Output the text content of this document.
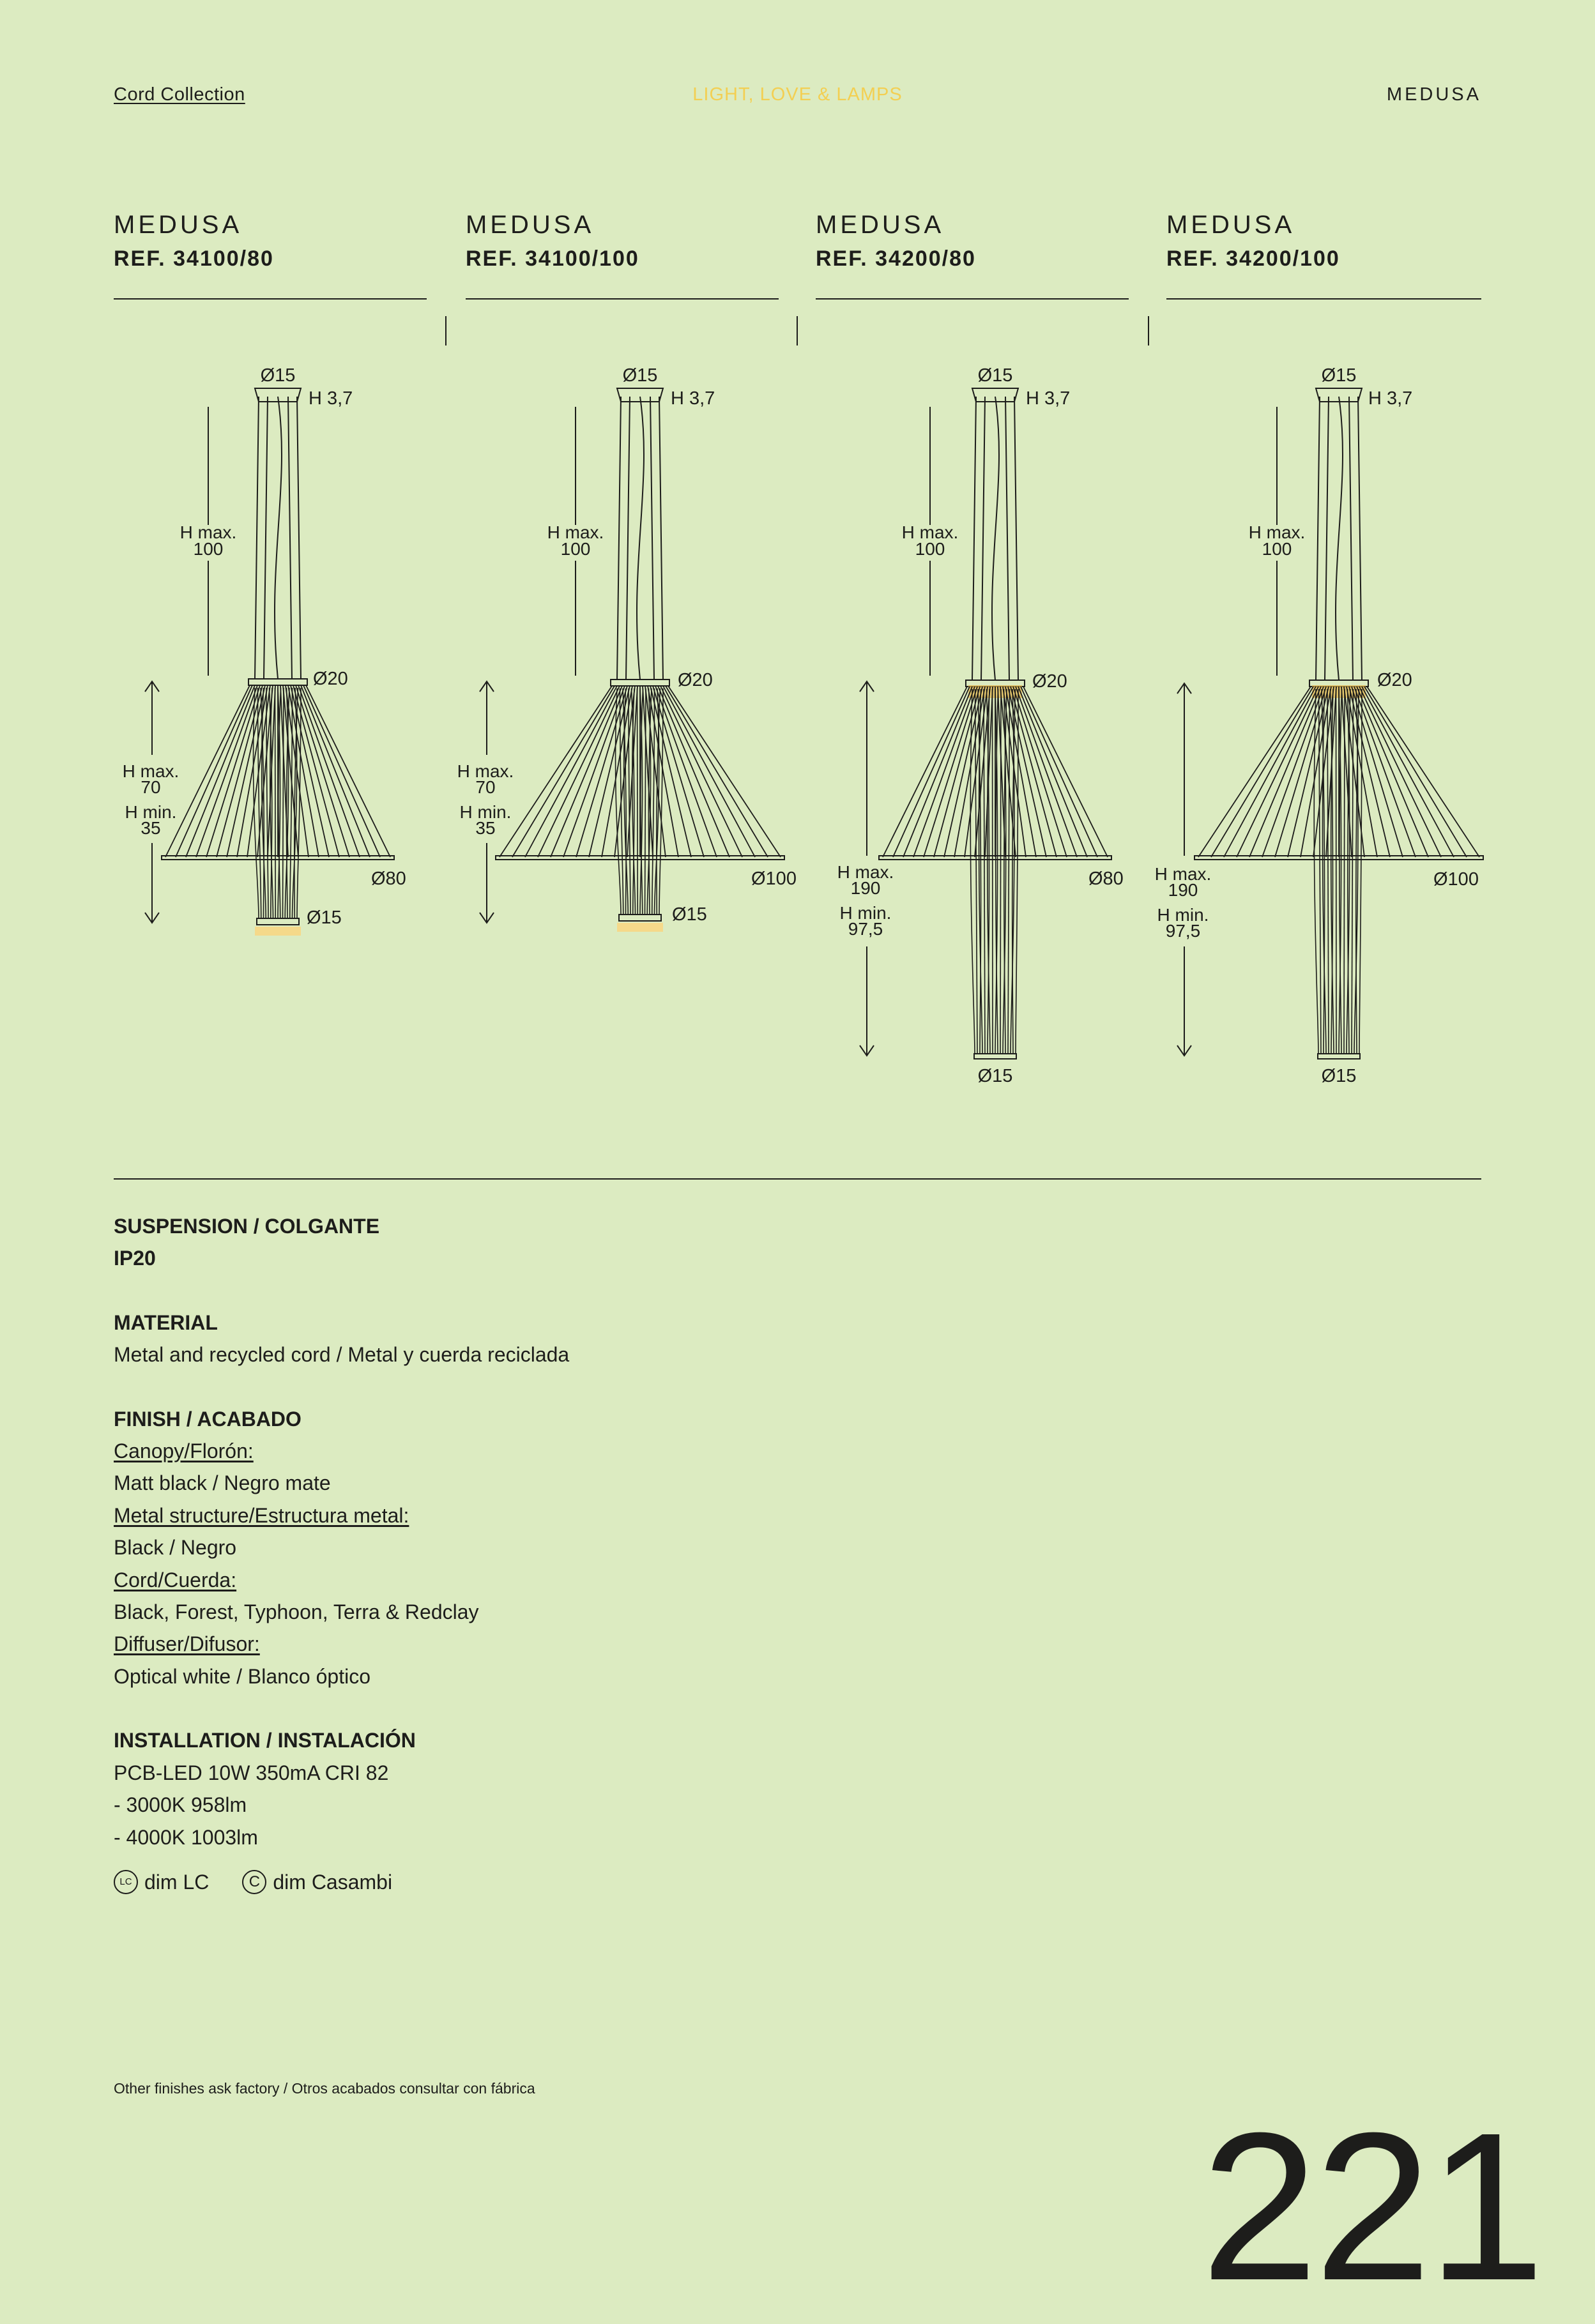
Cord Collection	LIGHT, LOVE & LAMPS	MEDUSA
MEDUSA
REF. 34100/80
MEDUSA
REF. 34100/100
MEDUSA
REF. 34200/80
MEDUSA
REF. 34200/100
Ø15
H 3,7
H max.
100
Ø20
H max.
70
H min.
35
Ø80
Ø15
Ø15
H 3,7
H max.
100
Ø20
H max.
70
H min.
35
Ø100
Ø15
Ø15
H 3,7
H max.
100
Ø20
H max.
190
H min.
97,5
Ø80
Ø15
Ø15
H 3,7
H max.
100
Ø20
H max.
190
H min.
97,5
Ø100
Ø15
SUSPENSION / COLGANTE
IP20
MATERIAL
Metal and recycled cord / Metal y cuerda reciclada
FINISH / ACABADO
Canopy/Florón:
Matt black / Negro mate
Metal structure/Estructura metal:
Black / Negro
Cord/Cuerda:
Black, Forest, Typhoon, Terra & Redclay
Diffuser/Difusor:
Optical white / Blanco óptico
INSTALLATION / INSTALACIÓN
PCB-LED 10W 350mA CRI 82
- 3000K 958lm
- 4000K 1003lm
LC dim LC	C dim Casambi
Other finishes ask factory / Otros acabados consultar con fábrica	221
